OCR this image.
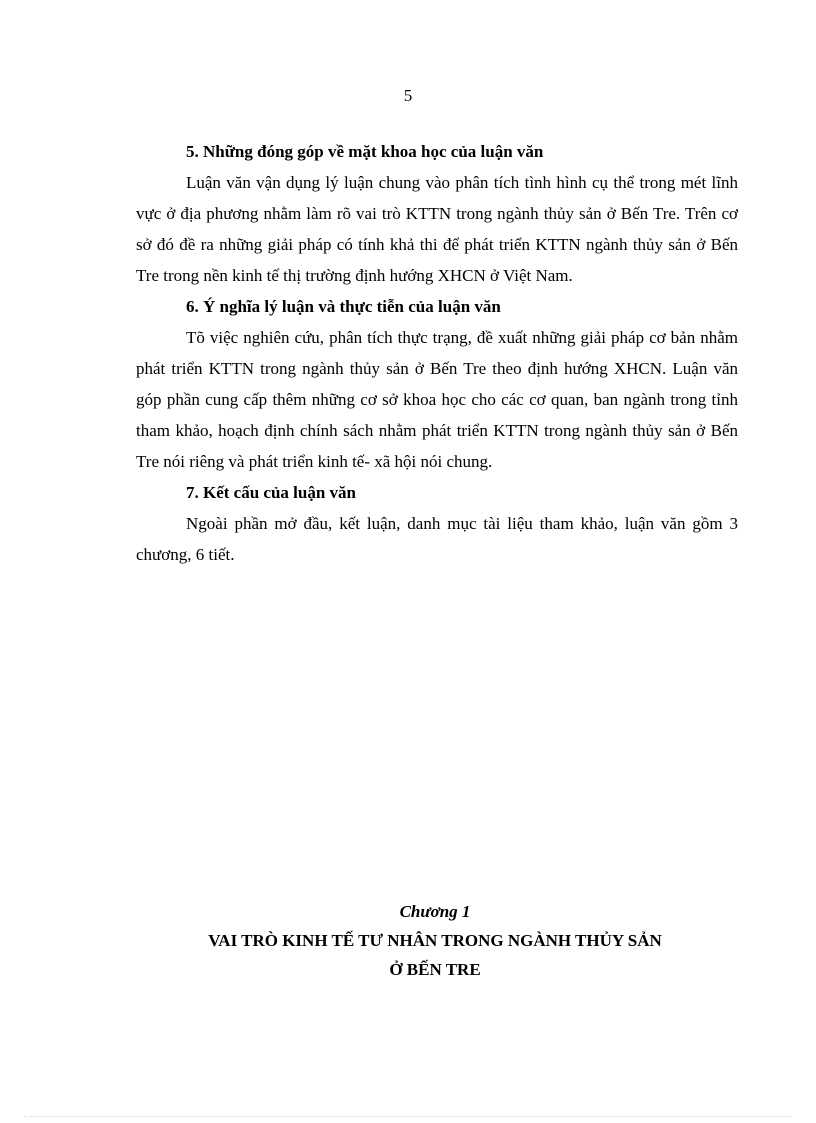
5

5. Những đóng góp về mặt khoa học của luận văn

Luận văn vận dụng lý luận chung vào phân tích tình hình cụ thể trong mét lĩnh vực ở địa phương nhằm làm rõ vai trò KTTN trong ngành thủy sản ở Bến Tre. Trên cơ sở đó đề ra những giải pháp có tính khả thi để phát triển KTTN ngành thủy sản ở Bến Tre trong nền kinh tế thị trường định hướng XHCN ở Việt Nam.

6. Ý nghĩa lý luận và thực tiễn của luận văn

Tõ việc nghiên cứu, phân tích thực trạng, đề xuất những giải pháp cơ bản nhằm phát triển KTTN trong ngành thủy sản ở Bến Tre theo định hướng XHCN. Luận văn góp phần cung cấp thêm những cơ sở khoa học cho các cơ quan, ban ngành trong tỉnh tham khảo, hoạch định chính sách nhằm phát triển KTTN trong ngành thủy sản ở Bến Tre nói riêng và phát triển kinh tế- xã hội nói chung.

7. Kết cấu của luận văn

Ngoài phần mở đầu, kết luận, danh mục tài liệu tham khảo, luận văn gồm 3 chương, 6 tiết.

Chương 1
VAI TRÒ KINH TẾ TƯ NHÂN TRONG NGÀNH THỦY SẢN
Ở BẾN TRE
